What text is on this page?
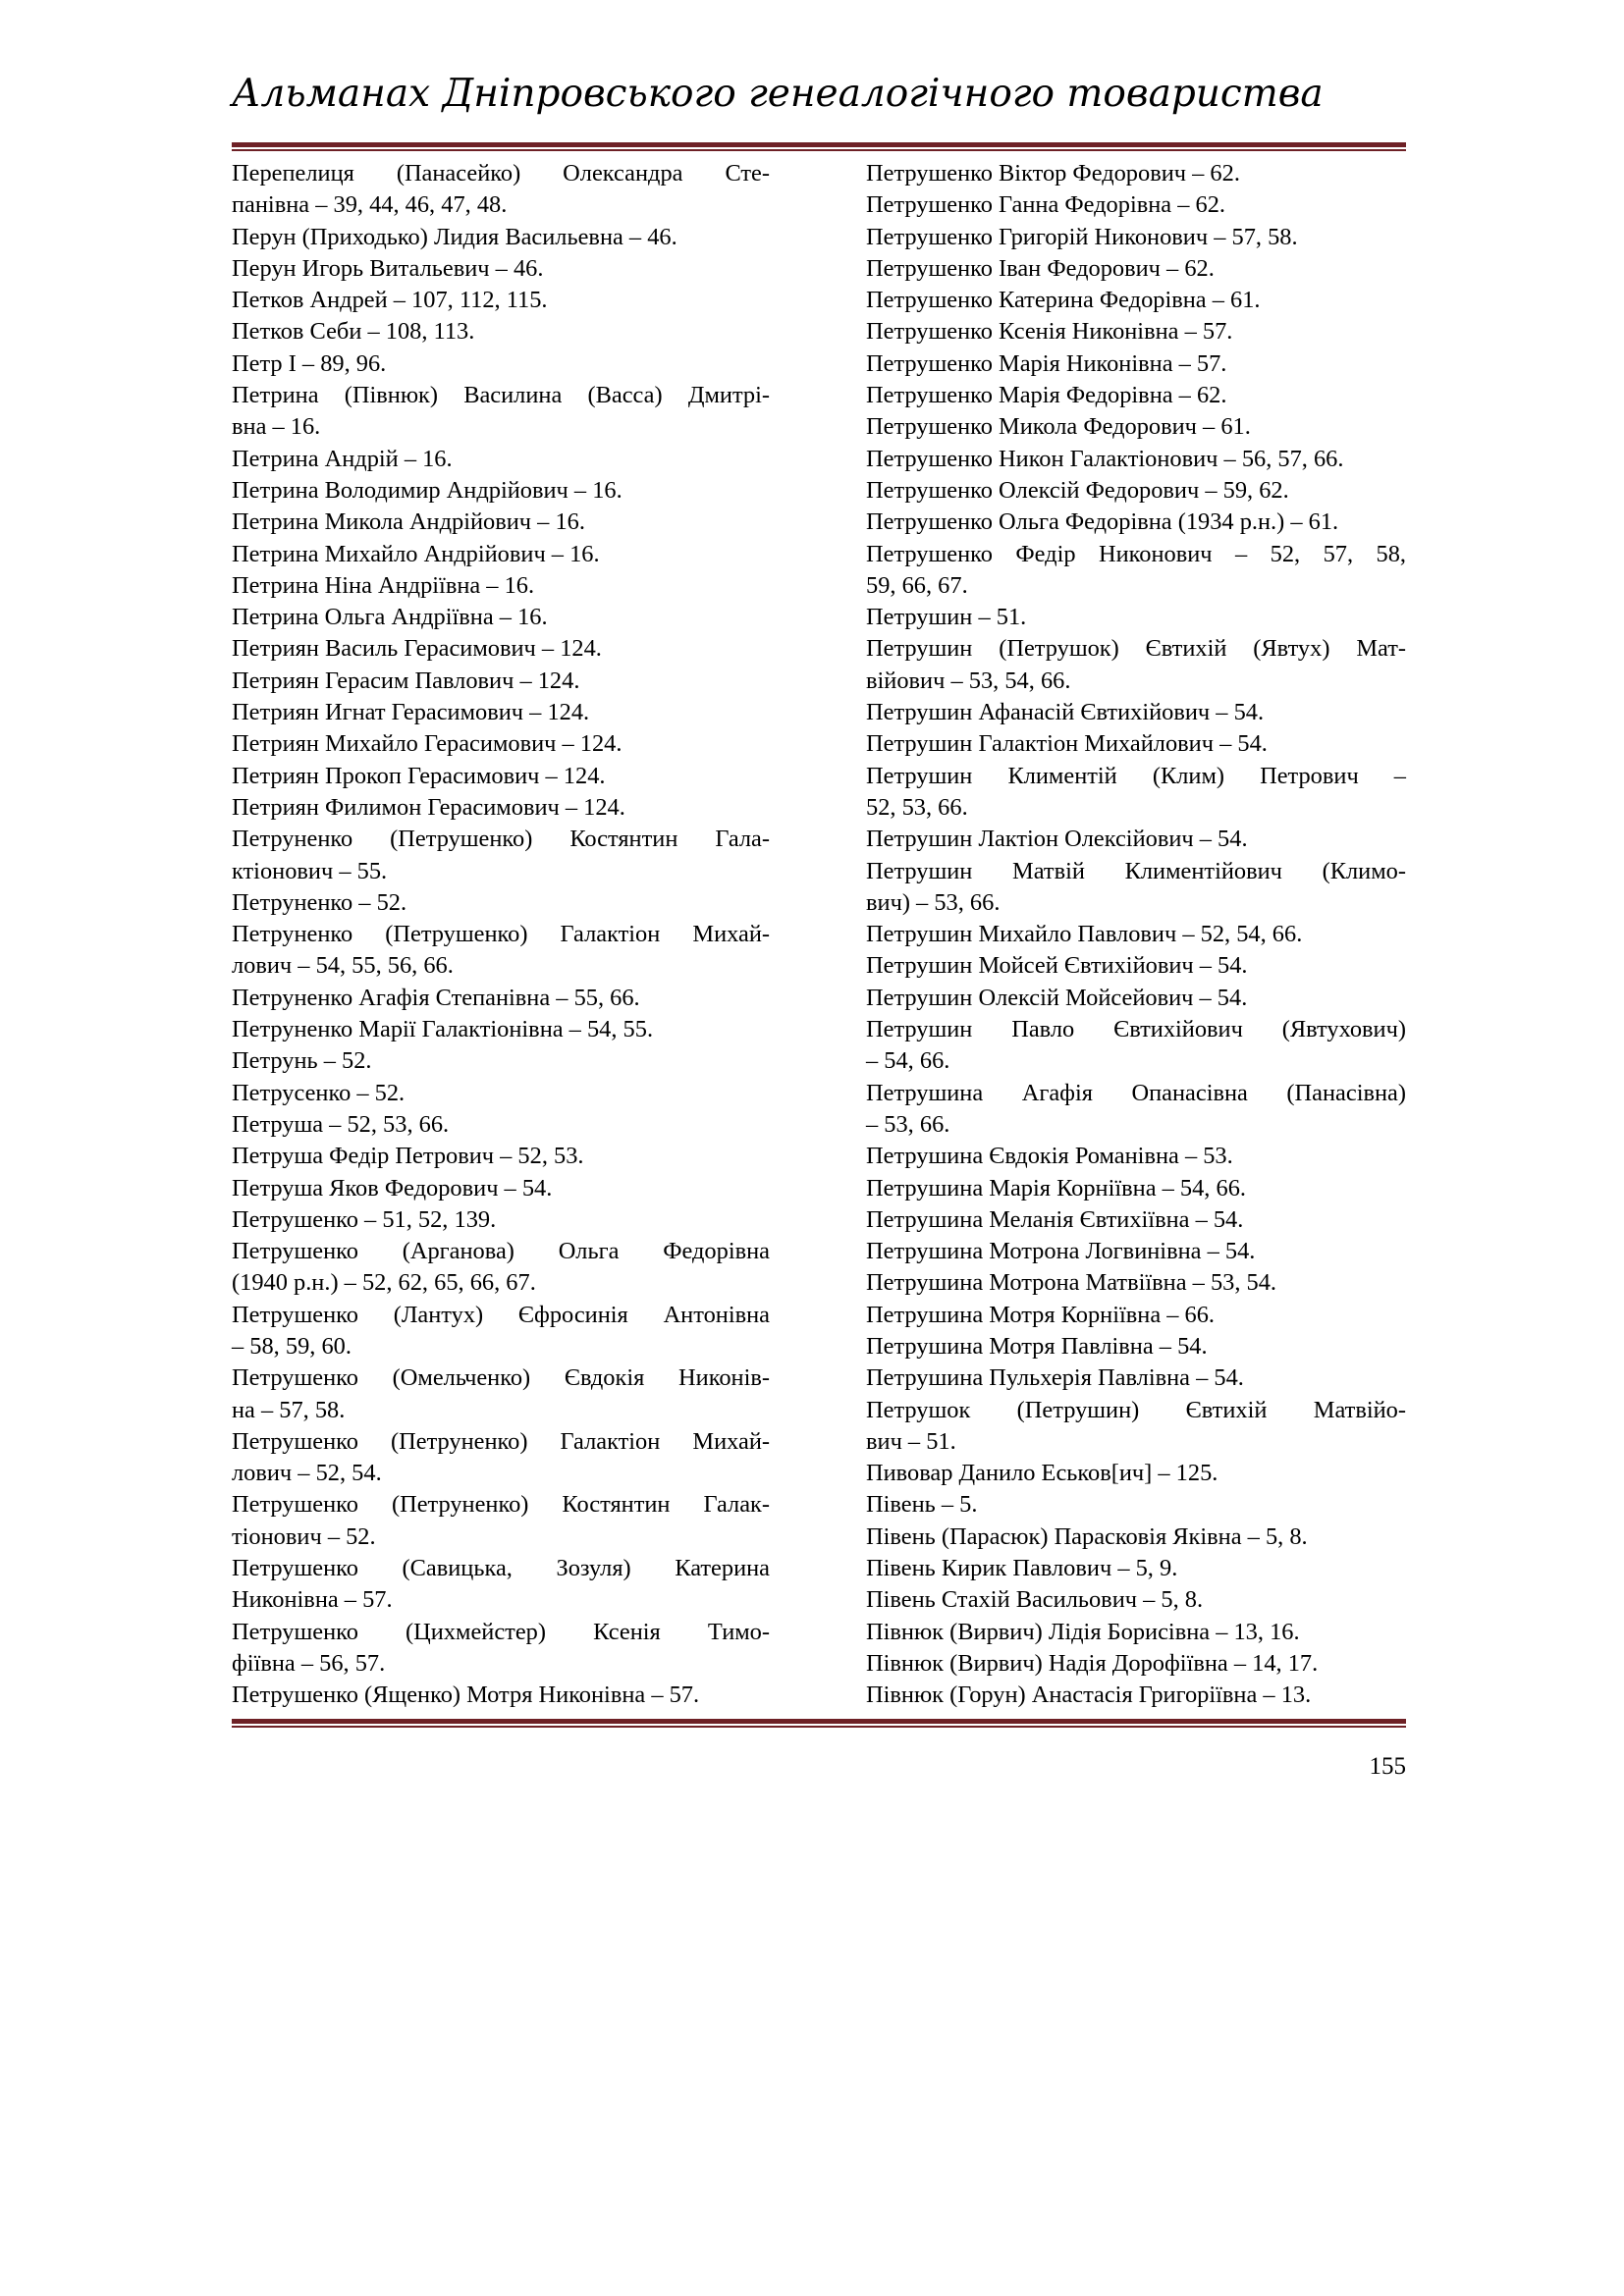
Альманах Дніпровського генеалогічного товариства
Перепелиця (Панасейко) Олександра Сте-
панівна – 39, 44, 46, 47, 48.
Перун (Приходько) Лидия Васильевна – 46.
Перун Игорь Витальевич – 46.
Петков Андрей – 107, 112, 115.
Петков Себи – 108, 113.
Петр I – 89, 96.
Петрина (Півнюк) Василина (Васса) Дмитрі-
вна – 16.
Петрина Андрій – 16.
Петрина Володимир Андрійович – 16.
Петрина Микола Андрійович – 16.
Петрина Михайло Андрійович – 16.
Петрина Ніна Андріївна – 16.
Петрина Ольга Андріївна – 16.
Петриян Василь Герасимович – 124.
Петриян Герасим Павлович – 124.
Петриян Игнат Герасимович – 124.
Петриян Михайло Герасимович – 124.
Петриян Прокоп Герасимович – 124.
Петриян Филимон Герасимович – 124.
Петруненко (Петрушенко) Костянтин Гала-
ктіонович – 55.
Петруненко – 52.
Петруненко (Петрушенко) Галактіон Михай-
лович – 54, 55, 56, 66.
Петруненко Агафія Степанівна – 55, 66.
Петруненко Марії Галактіонівна – 54, 55.
Петрунь – 52.
Петрусенко – 52.
Петруша – 52, 53, 66.
Петруша Федір Петрович – 52, 53.
Петруша Яков Федорович – 54.
Петрушенко – 51, 52, 139.
Петрушенко (Арганова) Ольга Федорівна
(1940 р.н.) – 52, 62, 65, 66, 67.
Петрушенко (Лантух) Єфросинія Антонівна
– 58, 59, 60.
Петрушенко (Омельченко) Євдокія Никонів-
на – 57, 58.
Петрушенко (Петруненко) Галактіон Михай-
лович – 52, 54.
Петрушенко (Петруненко) Костянтин Галак-
тіонович – 52.
Петрушенко (Савицька, Зозуля) Катерина
Никонівна – 57.
Петрушенко (Цихмейстер) Ксенія Тимо-
фіївна – 56, 57.
Петрушенко (Ященко) Мотря Никонівна – 57.
Петрушенко Віктор Федорович – 62.
Петрушенко Ганна Федорівна – 62.
Петрушенко Григорій Никонович – 57, 58.
Петрушенко Іван Федорович – 62.
Петрушенко Катерина Федорівна – 61.
Петрушенко Ксенія Никонівна – 57.
Петрушенко Марія Никонівна – 57.
Петрушенко Марія Федорівна – 62.
Петрушенко Микола Федорович – 61.
Петрушенко Никон Галактіонович – 56, 57, 66.
Петрушенко Олексій Федорович – 59, 62.
Петрушенко Ольга Федорівна (1934 р.н.) – 61.
Петрушенко Федір Никонович – 52, 57, 58,
59, 66, 67.
Петрушин – 51.
Петрушин (Петрушок) Євтихій (Явтух) Мат-
війович – 53, 54, 66.
Петрушин Афанасій Євтихійович – 54.
Петрушин Галактіон Михайлович – 54.
Петрушин Климентій (Клим) Петрович –
52, 53, 66.
Петрушин Лактіон Олексійович – 54.
Петрушин Матвій Климентійович (Климо-
вич) – 53, 66.
Петрушин Михайло Павлович – 52, 54, 66.
Петрушин Мойсей Євтихійович – 54.
Петрушин Олексій Мойсейович – 54.
Петрушин Павло Євтихійович (Явтухович)
– 54, 66.
Петрушина Агафія Опанасівна (Панасівна)
– 53, 66.
Петрушина Євдокія Романівна – 53.
Петрушина Марія Корніївна – 54, 66.
Петрушина Меланія Євтихіївна – 54.
Петрушина Мотрона Логвинівна – 54.
Петрушина Мотрона Матвіївна – 53, 54.
Петрушина Мотря Корніївна – 66.
Петрушина Мотря Павлівна – 54.
Петрушина Пульхерія Павлівна – 54.
Петрушок (Петрушин) Євтихій Матвійо-
вич – 51.
Пивовар Данило Еськов[ич] – 125.
Півень – 5.
Півень (Парасюк) Парасковія Яківна – 5, 8.
Півень Кирик Павлович – 5, 9.
Півень Стахій Васильович – 5, 8.
Півнюк (Вирвич) Лідія Борисівна – 13, 16.
Півнюк (Вирвич) Надія Дорофіївна – 14, 17.
Півнюк (Горун) Анастасія Григоріївна – 13.
155
